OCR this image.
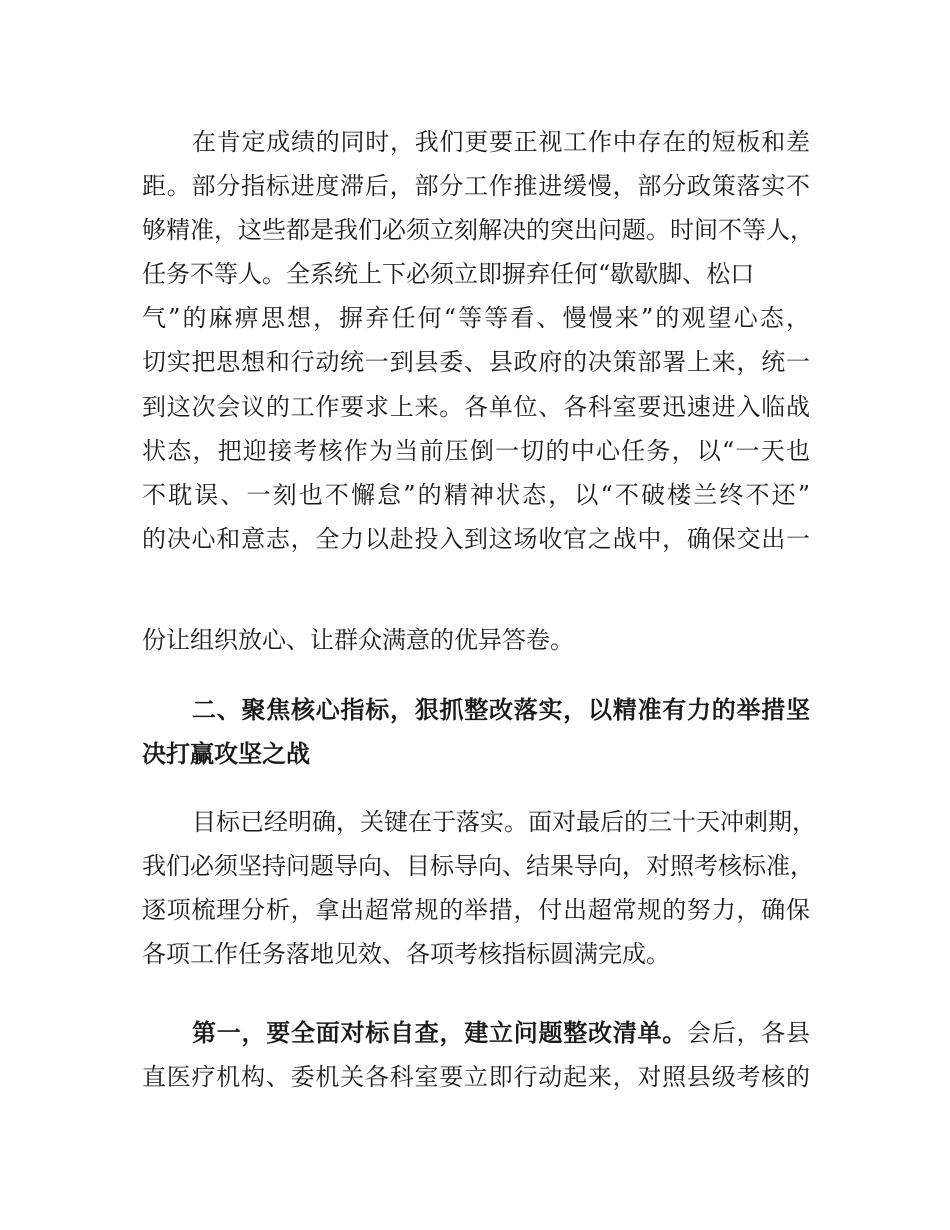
在肯定成绩的同时，我们更要正视工作中存在的短板和差
距。部分指标进度滞后，部分工作推进缓慢，部分政策落实不
够精准，这些都是我们必须立刻解决的突出问题。时间不等人，
任务不等人。全系统上下必须立即摒弃任何“歇歇脚、松口
气”的麻痹思想，摒弃任何“等等看、慢慢来”的观望心态，
切实把思想和行动统一到县委、县政府的决策部署上来，统一
到这次会议的工作要求上来。各单位、各科室要迅速进入临战
状态，把迎接考核作为当前压倒一切的中心任务，以“一天也
不耽误、一刻也不懈怠”的精神状态，以“不破楼兰终不还”
的决心和意志，全力以赴投入到这场收官之战中，确保交出一
份让组织放心、让群众满意的优异答卷。
二、聚焦核心指标，狠抓整改落实，以精准有力的举措坚
决打赢攻坚之战
目标已经明确，关键在于落实。面对最后的三十天冲刺期，
我们必须坚持问题导向、目标导向、结果导向，对照考核标准，
逐项梳理分析，拿出超常规的举措，付出超常规的努力，确保
各项工作任务落地见效、各项考核指标圆满完成。
第一，要全面对标自查，建立问题整改清单。会后，各县
直医疗机构、委机关各科室要立即行动起来，对照县级考核的
